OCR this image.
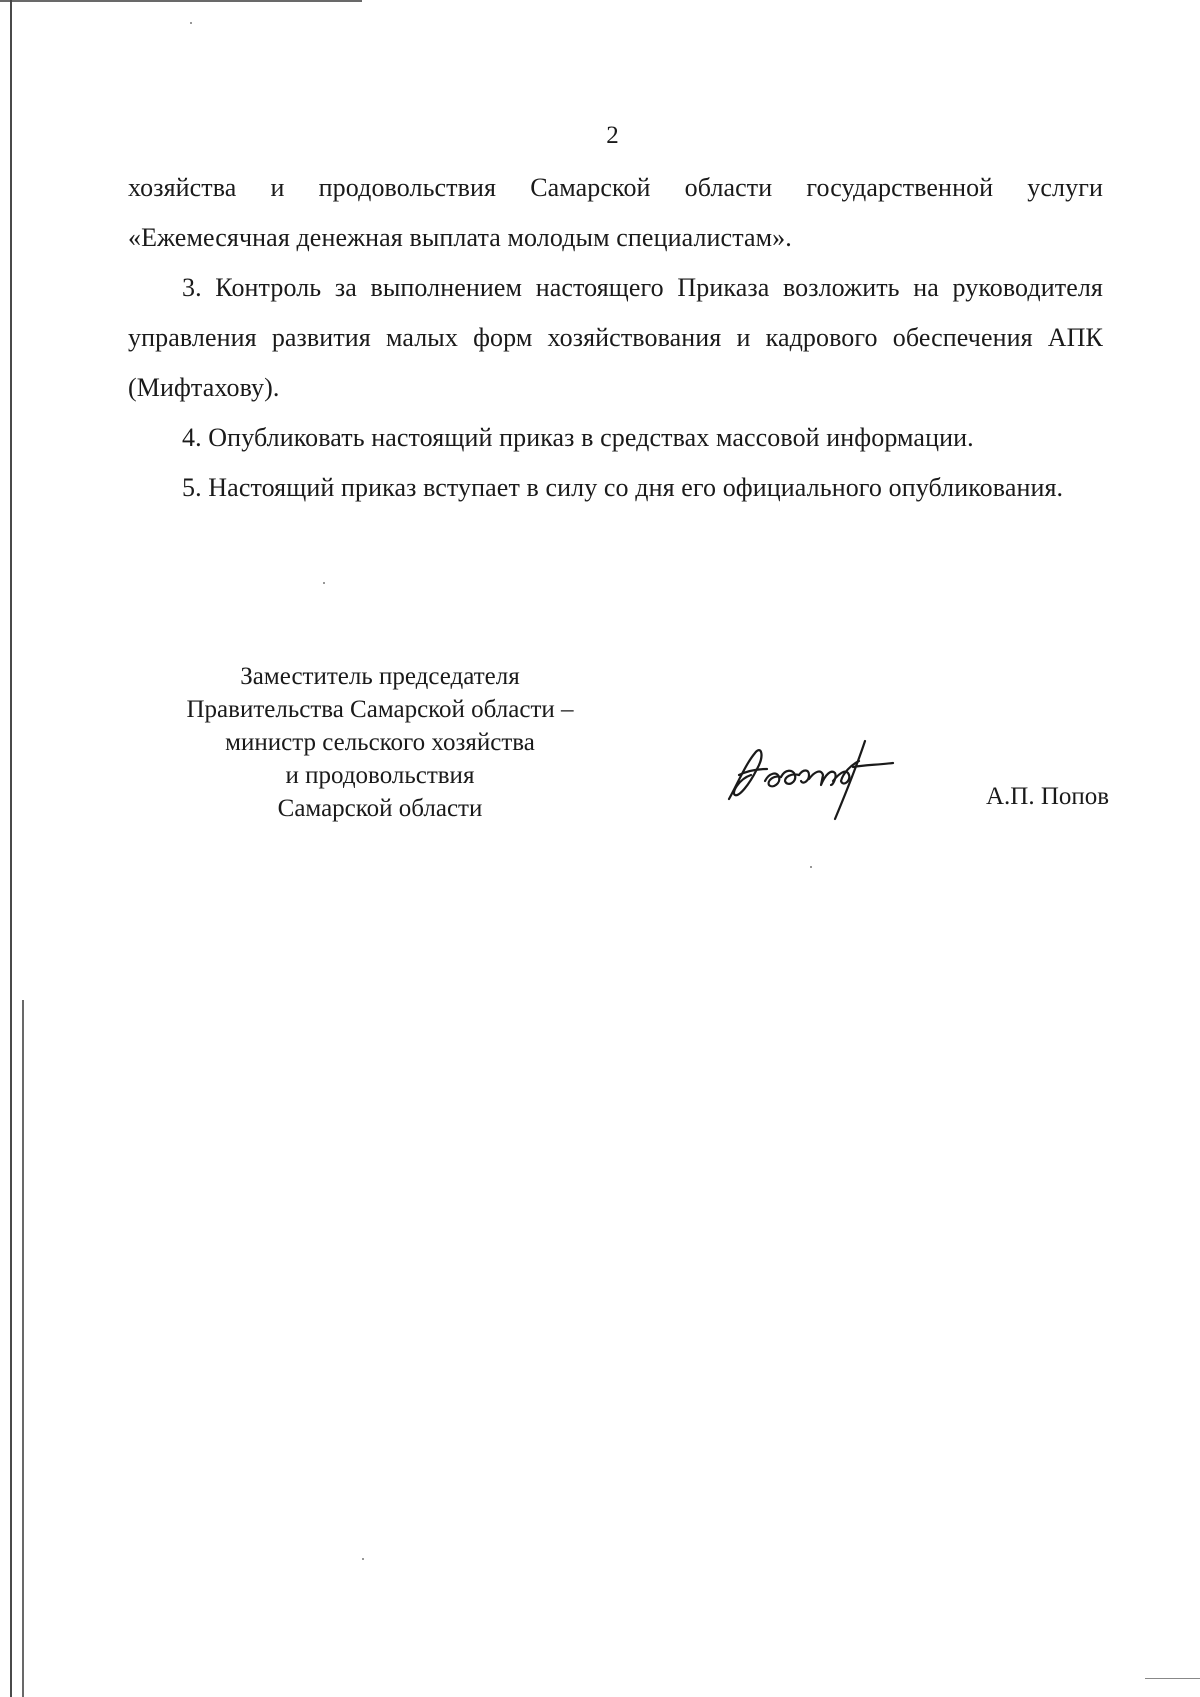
2

хозяйства и продовольствия Самарской области государственной услуги «Ежемесячная денежная выплата молодым специалистам».

3. Контроль за выполнением настоящего Приказа возложить на руководителя управления развития малых форм хозяйствования и кадрового обеспечения АПК (Мифтахову).

4. Опубликовать настоящий приказ в средствах массовой информации.

5. Настоящий приказ вступает в силу со дня его официального опубликования.

Заместитель председателя
Правительства Самарской области –
министр сельского хозяйства
и продовольствия
Самарской области	А.П. Попов
